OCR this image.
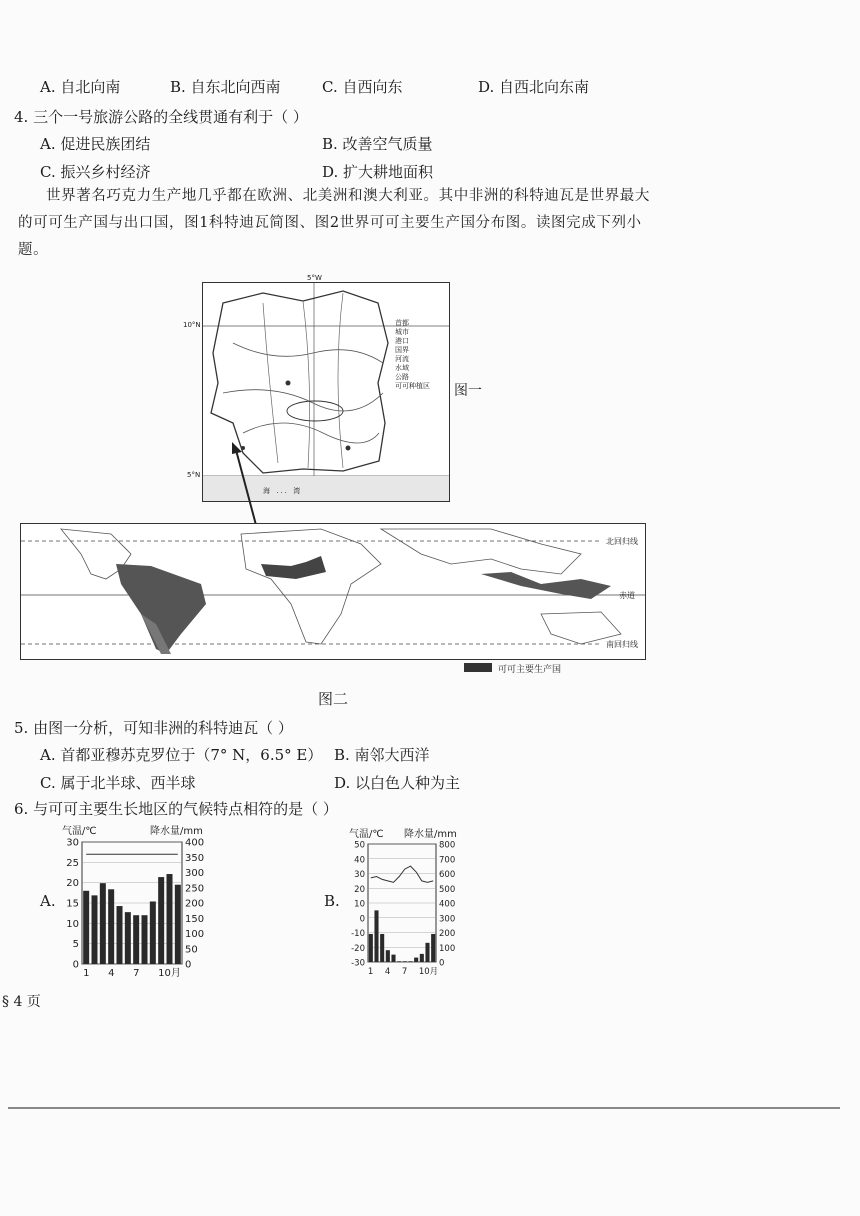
A. 自北向南	B. 自东北向西南	C. 自西向东	D. 自西北向东南
4. 三个一号旅游公路的全线贯通有利于（ ）
A. 促进民族团结	B. 改善空气质量
C. 振兴乡村经济	D. 扩大耕地面积
世界著名巧克力生产地几乎都在欧洲、北美洲和澳大利亚。其中非洲的科特迪瓦是世界最大的可可生产国与出口国，图1科特迪瓦简图、图2世界可可主要生产国分布图。读图完成下列小题。
5°W
10°N
5°N
海 ... 湾
首都
城市
港口
国界
河流
水域
公路
可可种植区 图一
北回归线
赤道
南回归线
可可主要生产国
图二
5. 由图一分析，可知非洲的科特迪瓦（ ）
A. 首都亚穆苏克罗位于（7° N，6.5° E） B. 南邻大西洋
C. 属于北半球、西半球	D. 以白色人种为主
6. 与可可主要生长地区的气候特点相符的是（ ）
A.
气温/℃	降水量/mm
30
25
20
15
10
5
0
400
350
300
250
200
150
100
50
0
1 4 7 10月
B.
气温/℃ 降水量/mm
50
40
30
20
10
0
-10
-20
-30
800
700
600
500
400
300
200
100
0
1 4 7 10月
§ 4 页
